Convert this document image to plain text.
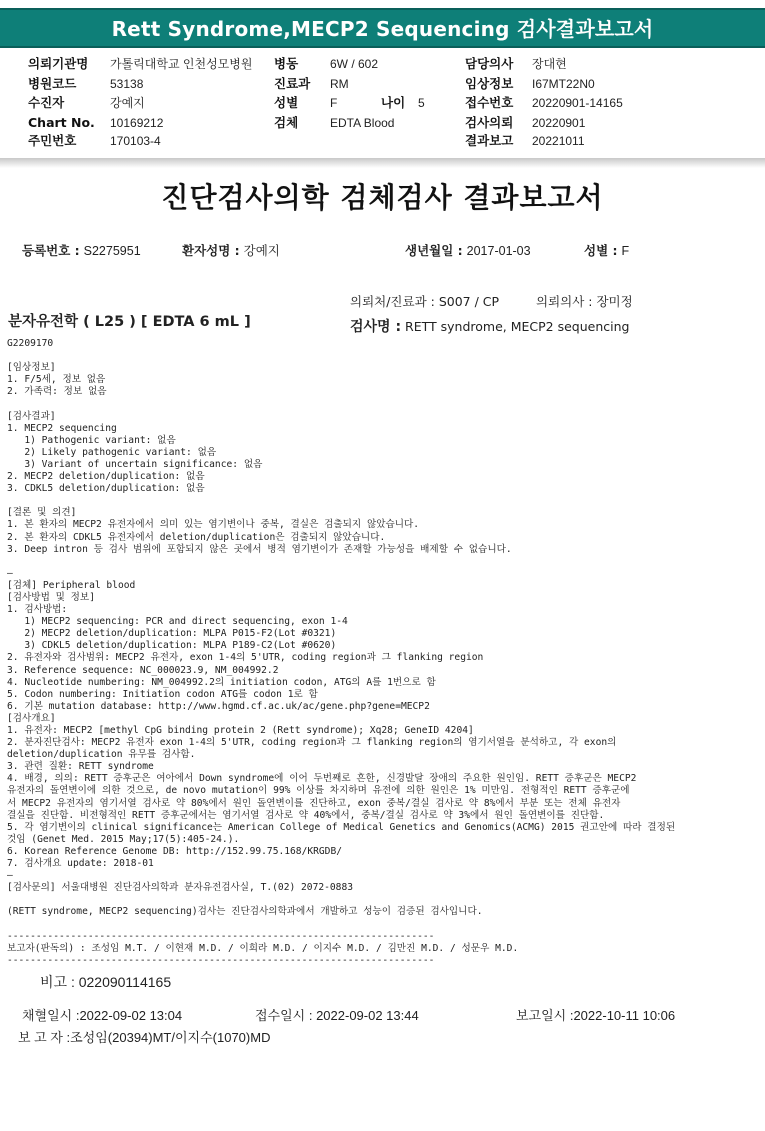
Rett Syndrome,MECP2 Sequencing 검사결과보고서
의뢰기관명 가톨릭대학교 인천성모병원
병원코드	53138
수진자	강예지
Chart No. 10169212
주민번호	170103-4
병동	6W / 602
진료과 RM
성별	F	나이 5
검체	EDTA Blood
담당의사 장대현
임상정보 I67MT22N0
접수번호 20220901-14165
검사의뢰 20220901
결과보고 20221011
진단검사의학 검체검사 결과보고서
등록번호 : S2275951	환자성명 : 강예지	생년월일 : 2017-01-03	성별 : F
의뢰처/진료과 : S007 / CP	의뢰의사 : 장미정
분자유전학 ( L25 ) [ EDTA 6 mL ]	검사명 : RETT syndrome, MECP2 sequencing
G2209170
[임상정보]
1. F/5세, 정보 없음
2. 가족력: 정보 없음
[검사결과]
1. MECP2 sequencing
1) Pathogenic variant: 없음
2) Likely pathogenic variant: 없음
3) Variant of uncertain significance: 없음
2. MECP2 deletion/duplication: 없음
3. CDKL5 deletion/duplication: 없음
[결론 및 의견]
1. 본 환자의 MECP2 유전자에서 의미 있는 염기변이나 중복, 결실은 검출되지 않았습니다.
2. 본 환자의 CDKL5 유전자에서 deletion/duplication은 검출되지 않았습니다.
3. Deep intron 등 검사 범위에 포함되지 않은 곳에서 병적 염기변이가 존재할 가능성을 배제할 수 없습니다.
—
[검체] Peripheral blood
[검사방법 및 정보]
1. 검사방법:
1) MECP2 sequencing: PCR and direct sequencing, exon 1-4
2) MECP2 deletion/duplication: MLPA P015-F2(Lot #0321)
3) CDKL5 deletion/duplication: MLPA P189-C2(Lot #0620)
2. 유전자와 검사범위: MECP2 유전자, exon 1-4의 5'UTR, coding region과 그 flanking region
3. Reference sequence: NC_000023.9, NM_004992.2
4. Nucleotide numbering: NM_004992.2의 initiation codon, ATG의 A를 1번으로 함
5. Codon numbering: Initiation codon ATG를 codon 1로 함
6. 기본 mutation database: http://www.hgmd.cf.ac.uk/ac/gene.php?gene=MECP2
[검사개요]
1. 유전자: MECP2 [methyl CpG binding protein 2 (Rett syndrome); Xq28; GeneID 4204]
2. 분자진단검사: MECP2 유전자 exon 1-4의 5'UTR, coding region과 그 flanking region의 염기서열을 분석하고, 각 exon의
deletion/duplication 유무를 검사함.
3. 관련 질환: RETT syndrome
4. 배경, 의의: RETT 증후군은 여아에서 Down syndrome에 이어 두번째로 흔한, 신경발달 장애의 주요한 원인임. RETT 증후군은 MECP2
유전자의 돌연변이에 의한 것으로, de novo mutation이 99% 이상를 차지하며 유전에 의한 원인은 1% 미만임. 전형적인 RETT 증후군에
서 MECP2 유전자의 염기서열 검사로 약 80%에서 원인 돌연변이를 진단하고, exon 중복/결실 검사로 약 8%에서 부분 또는 전체 유전자
결실을 진단함. 비전형적인 RETT 증후군에서는 염기서열 검사로 약 40%에서, 중복/결실 검사로 약 3%에서 원인 돌연변이를 진단함.
5. 각 염기변이의 clinical significance는 American College of Medical Genetics and Genomics(ACMG) 2015 권고안에 따라 결정된
것임 (Genet Med. 2015 May;17(5):405-24.).
6. Korean Reference Genome DB: http://152.99.75.168/KRGDB/
7. 검사개요 update: 2018-01
—
[검사문의] 서울대병원 진단검사의학과 분자유전검사실, T.(02) 2072-0883
(RETT syndrome, MECP2 sequencing)검사는 진단검사의학과에서 개발하고 성능이 검증된 검사입니다.
--------------------------------------------------------------------------
보고자(판독의) : 조성임 M.T. / 이현재 M.D. / 이희라 M.D. / 이지수 M.D. / 김만진 M.D. / 성문우 M.D.
--------------------------------------------------------------------------
비고 : 022090114165
채혈일시 :2022-09-02 13:04	접수일시 : 2022-09-02 13:44	보고일시 :2022-10-11 10:06
보 고 자 :조성임(20394)MT/이지수(1070)MD
